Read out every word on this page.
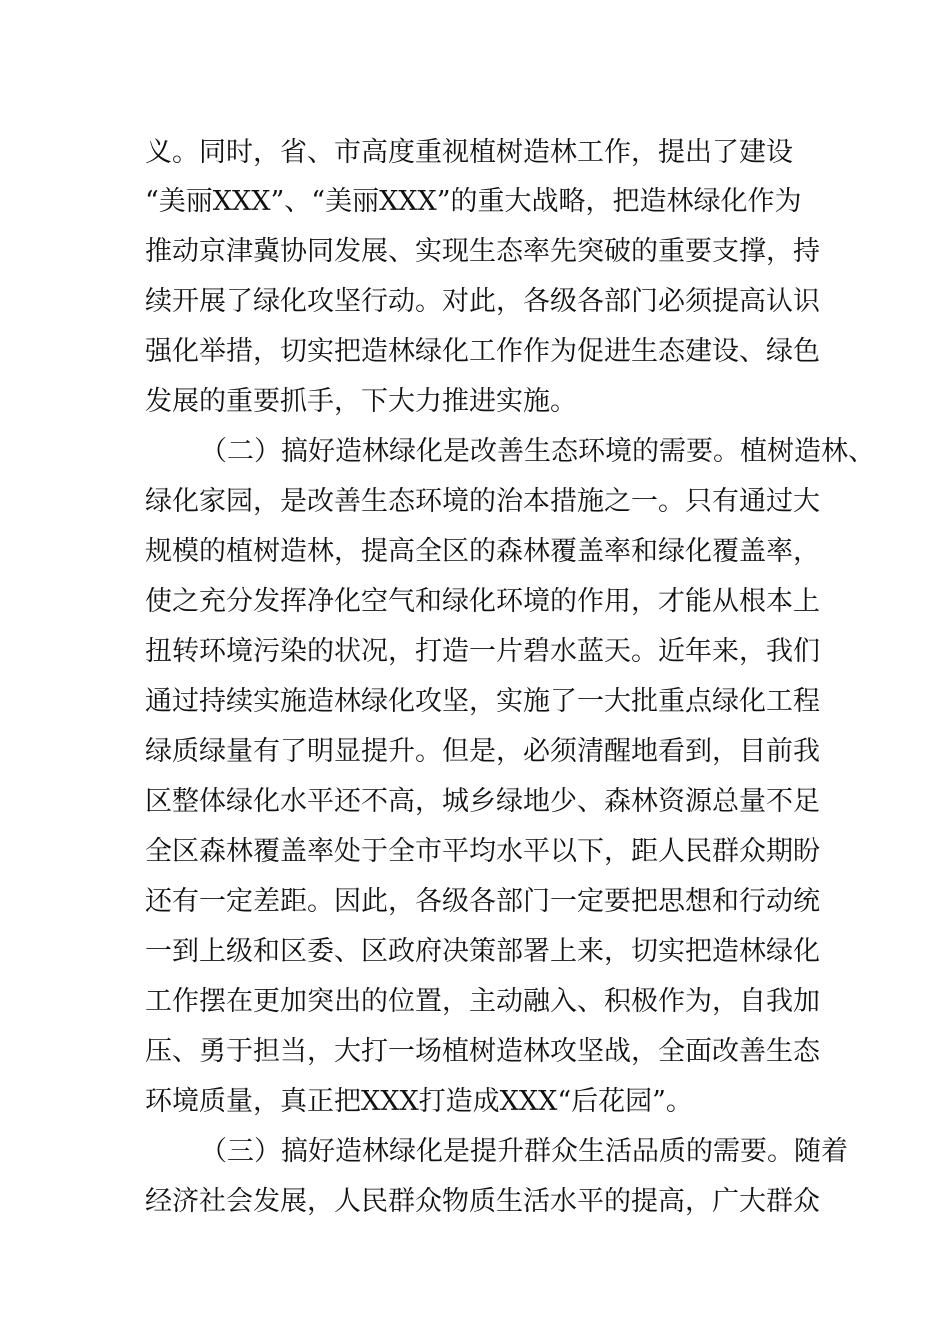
义。同时，省、市高度重视植树造林工作，提出了建设
“美丽XXX”、“美丽XXX”的重大战略，把造林绿化作为
推动京津冀协同发展、实现生态率先突破的重要支撑，持
续开展了绿化攻坚行动。对此，各级各部门必须提高认识
强化举措，切实把造林绿化工作作为促进生态建设、绿色
发展的重要抓手，下大力推进实施。
（二）搞好造林绿化是改善生态环境的需要。植树造林、
绿化家园，是改善生态环境的治本措施之一。只有通过大
规模的植树造林，提高全区的森林覆盖率和绿化覆盖率，
使之充分发挥净化空气和绿化环境的作用，才能从根本上
扭转环境污染的状况，打造一片碧水蓝天。近年来，我们
通过持续实施造林绿化攻坚，实施了一大批重点绿化工程
绿质绿量有了明显提升。但是，必须清醒地看到，目前我
区整体绿化水平还不高，城乡绿地少、森林资源总量不足
全区森林覆盖率处于全市平均水平以下，距人民群众期盼
还有一定差距。因此，各级各部门一定要把思想和行动统
一到上级和区委、区政府决策部署上来，切实把造林绿化
工作摆在更加突出的位置，主动融入、积极作为，自我加
压、勇于担当，大打一场植树造林攻坚战，全面改善生态
环境质量，真正把XXX打造成XXX“后花园”。
（三）搞好造林绿化是提升群众生活品质的需要。随着
经济社会发展，人民群众物质生活水平的提高，广大群众
